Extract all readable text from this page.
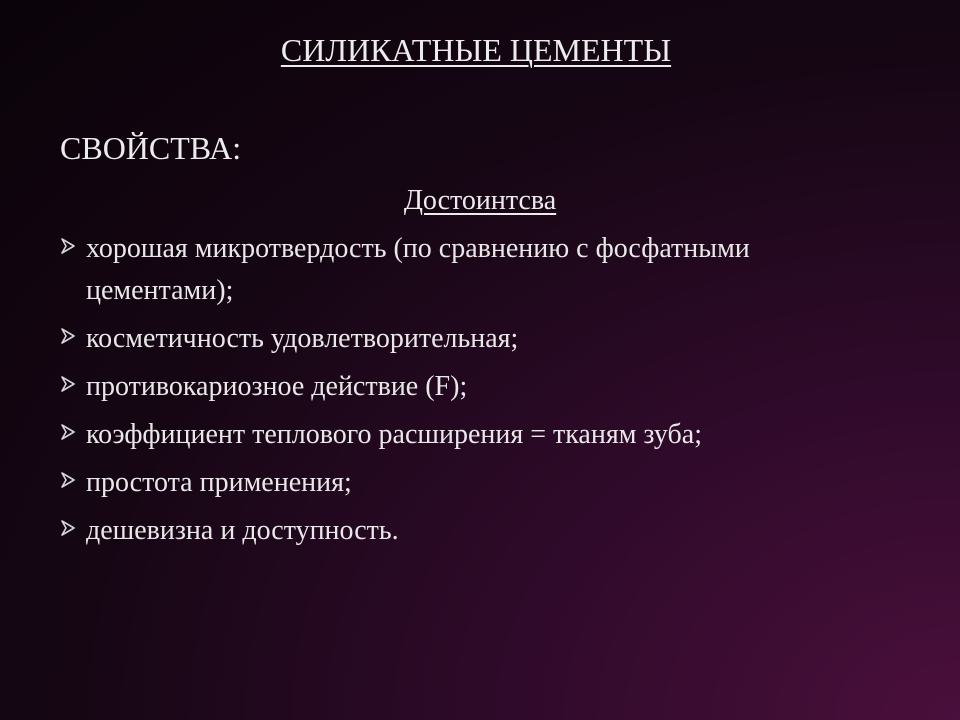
СИЛИКАТНЫЕ ЦЕМЕНТЫ
СВОЙСТВА:
Достоинтсва
хорошая микротвердость (по сравнению с фосфатными цементами);
косметичность удовлетворительная;
противокариозное действие (F);
коэффициент теплового расширения = тканям зуба;
простота применения;
дешевизна и доступность.
